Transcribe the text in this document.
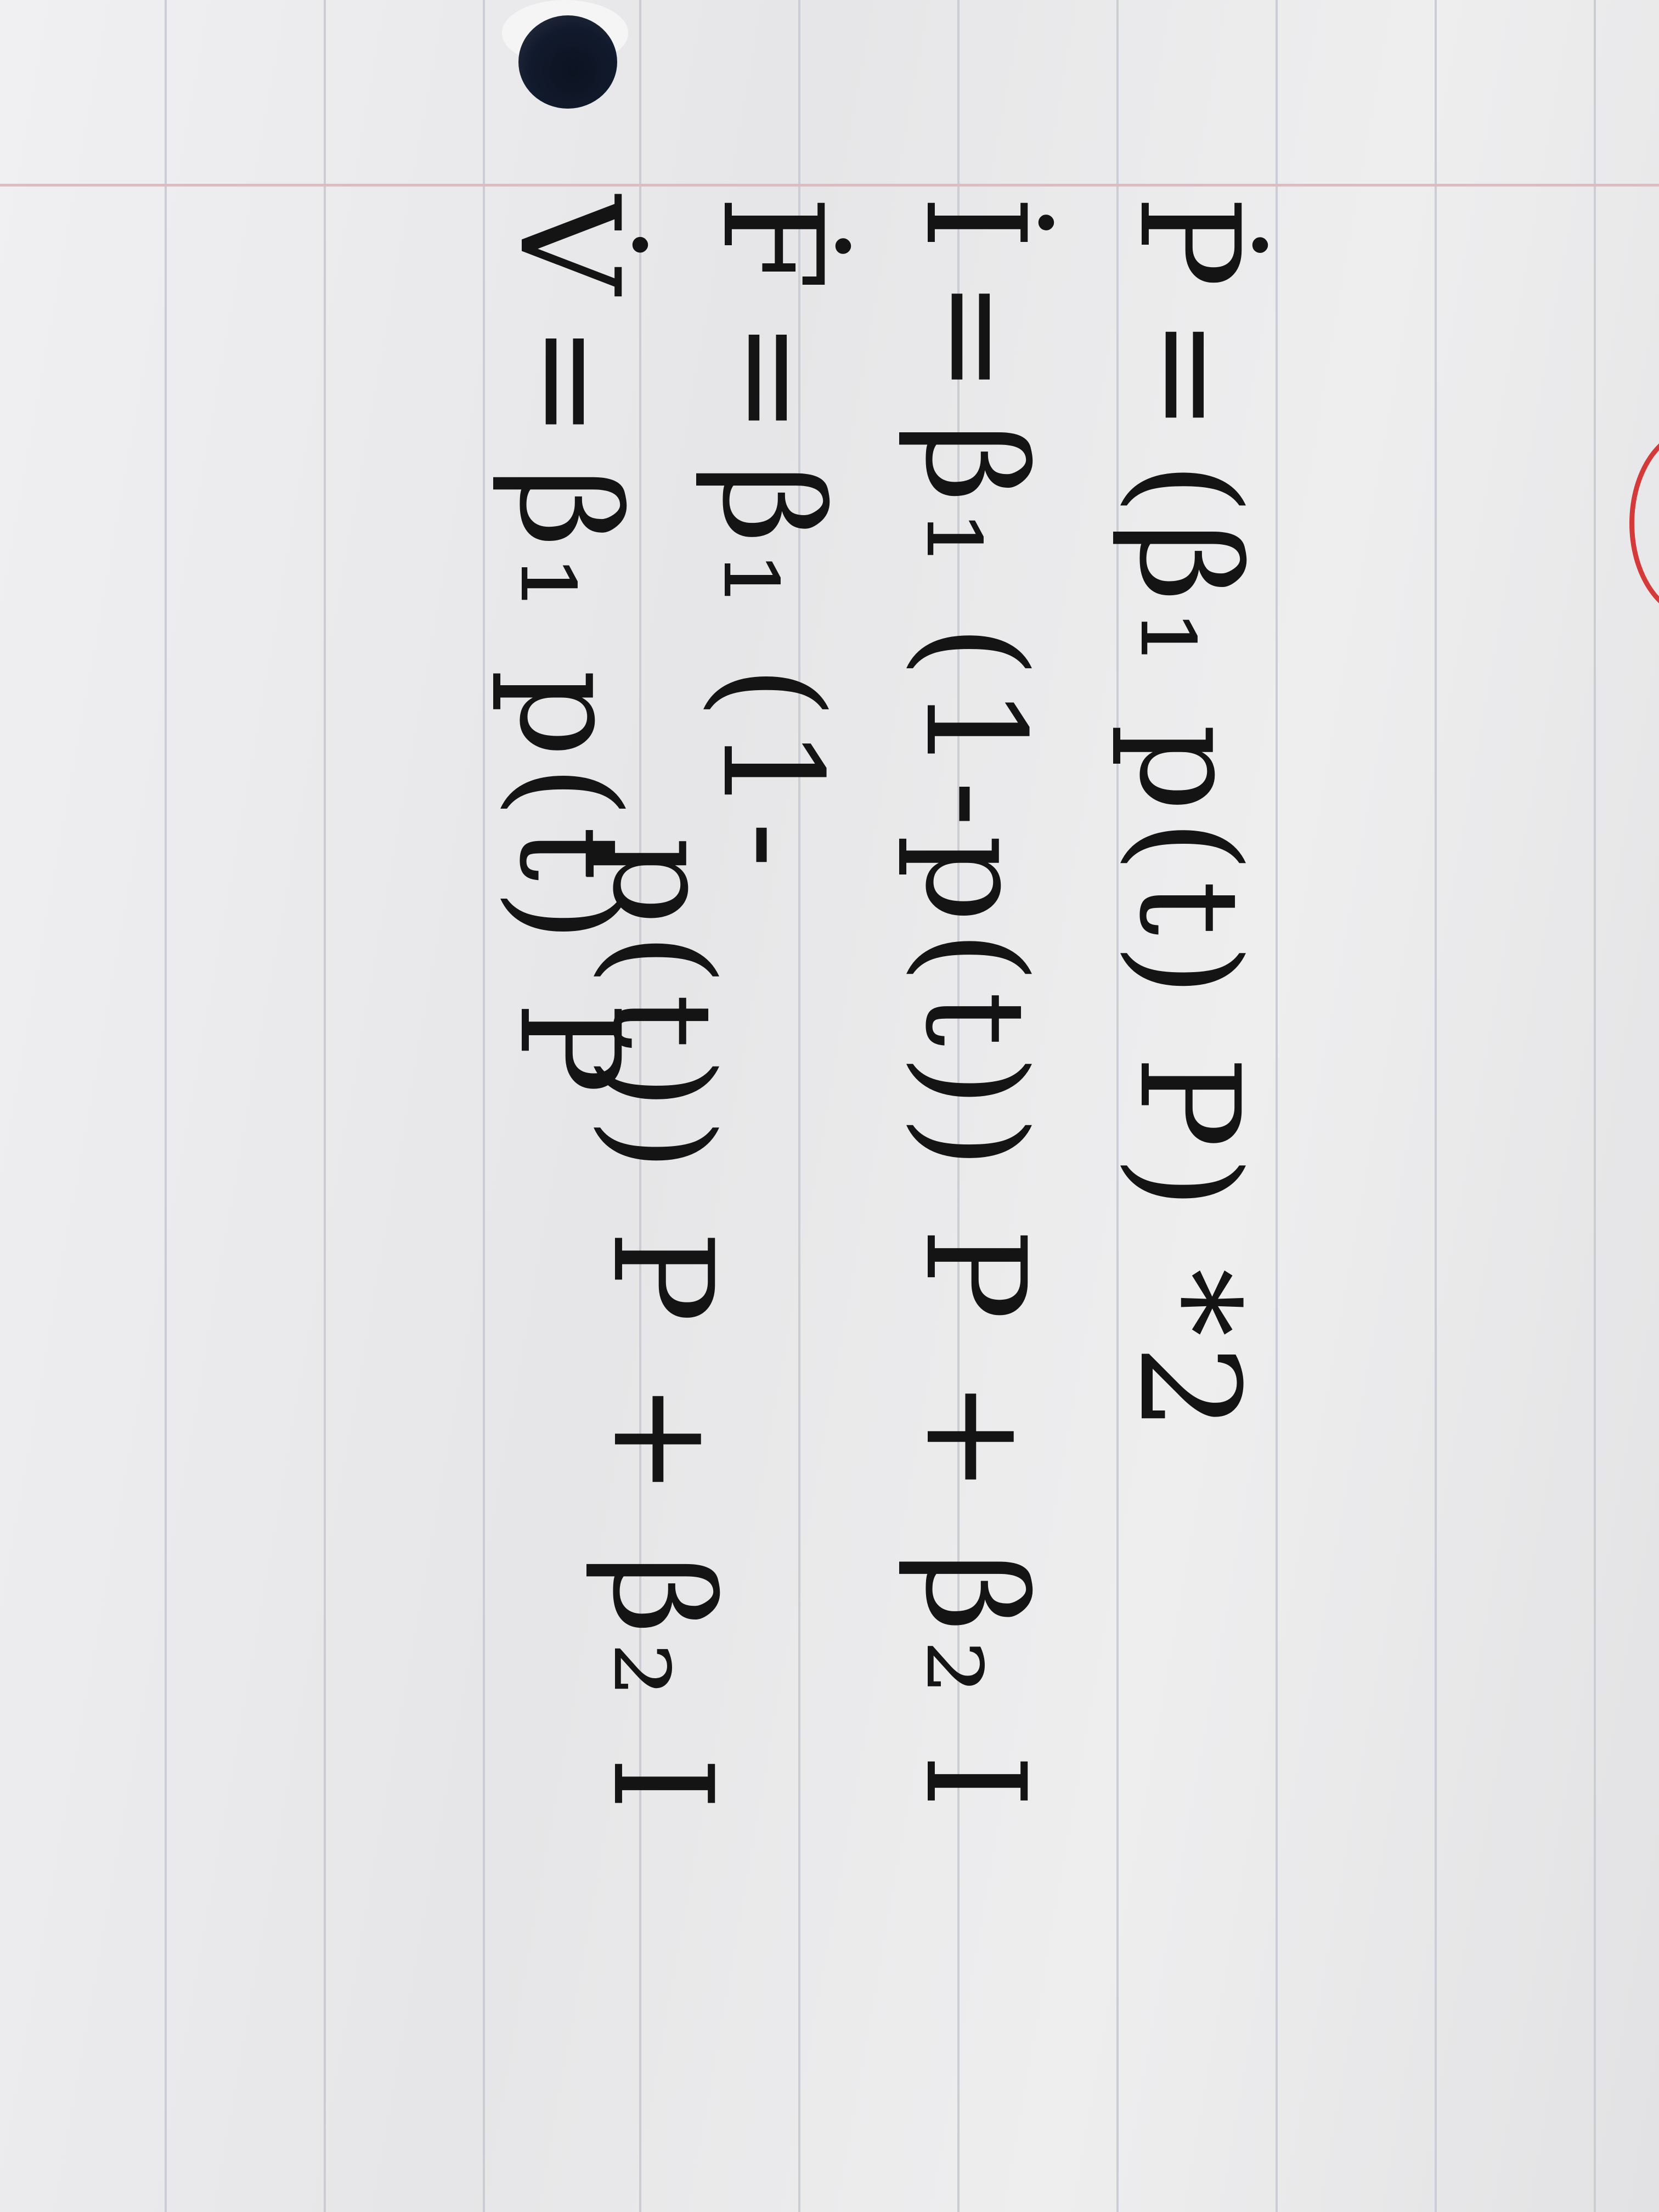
Ṗ=(β₁ p(t) P) *2
İ=β₁ (1-p(t)) P + β₂ I
Ḟ=β₁ (1-
p(t)) P + β₂ I
V̇=β₁ p(t) P
